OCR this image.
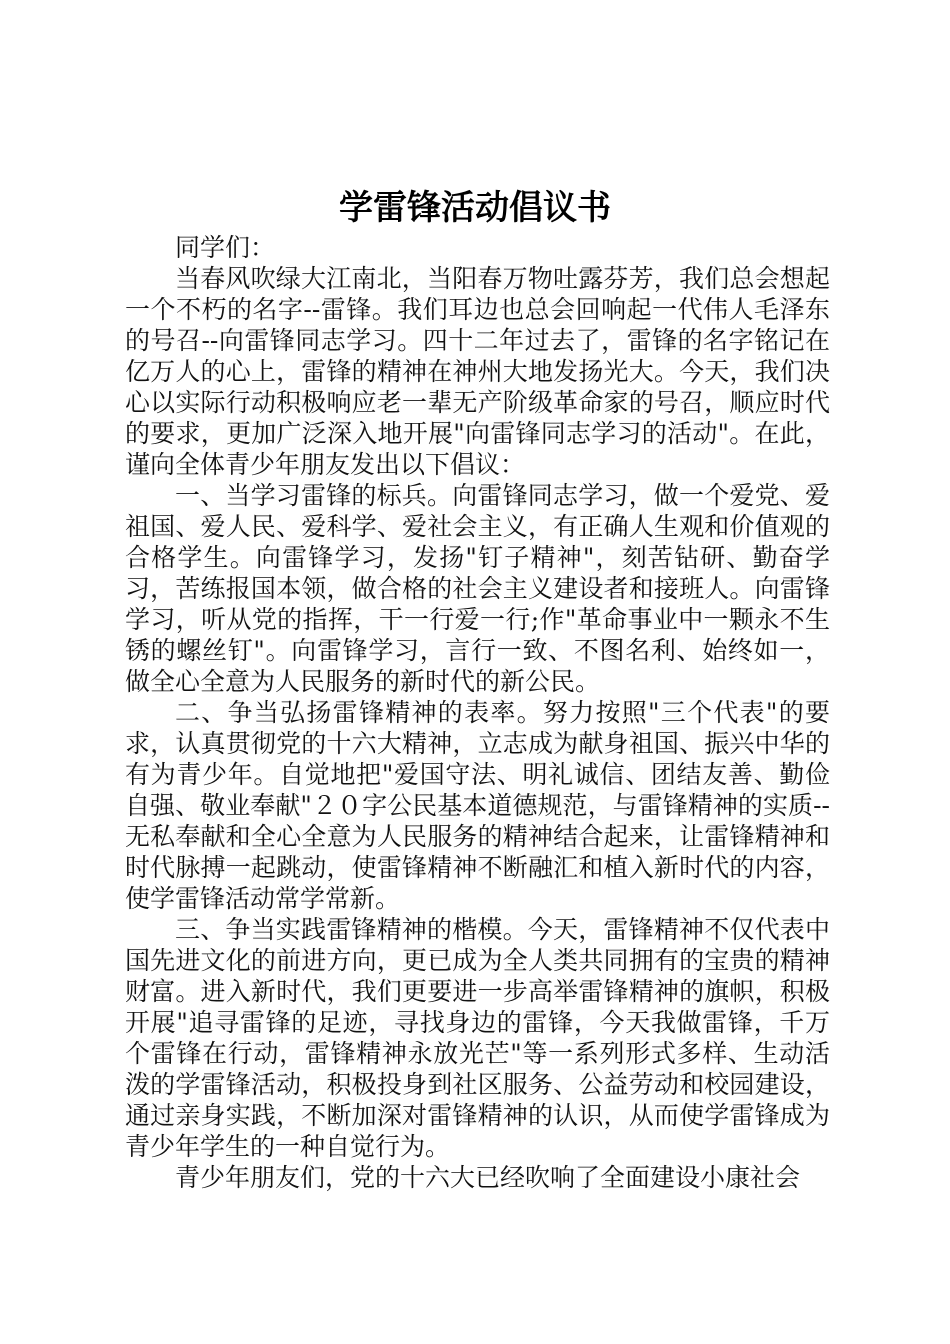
学雷锋活动倡议书

同学们：

当春风吹绿大江南北，当阳春万物吐露芬芳，我们总会想起一个不朽的名字--雷锋。我们耳边也总会回响起一代伟人毛泽东的号召--向雷锋同志学习。四十二年过去了，雷锋的名字铭记在亿万人的心上，雷锋的精神在神州大地发扬光大。今天，我们决心以实际行动积极响应老一辈无产阶级革命家的号召，顺应时代的要求，更加广泛深入地开展"向雷锋同志学习的活动"。在此，谨向全体青少年朋友发出以下倡议：

一、当学习雷锋的标兵。向雷锋同志学习，做一个爱党、爱祖国、爱人民、爱科学、爱社会主义，有正确人生观和价值观的合格学生。向雷锋学习，发扬"钉子精神"，刻苦钻研、勤奋学习，苦练报国本领，做合格的社会主义建设者和接班人。向雷锋学习，听从党的指挥，干一行爱一行;作"革命事业中一颗永不生锈的螺丝钉"。向雷锋学习，言行一致、不图名利、始终如一，做全心全意为人民服务的新时代的新公民。

二、争当弘扬雷锋精神的表率。努力按照"三个代表"的要求，认真贯彻党的十六大精神，立志成为献身祖国、振兴中华的有为青少年。自觉地把"爱国守法、明礼诚信、团结友善、勤俭自强、敬业奉献"２０字公民基本道德规范，与雷锋精神的实质--无私奉献和全心全意为人民服务的精神结合起来，让雷锋精神和时代脉搏一起跳动，使雷锋精神不断融汇和植入新时代的内容，使学雷锋活动常学常新。

三、争当实践雷锋精神的楷模。今天，雷锋精神不仅代表中国先进文化的前进方向，更已成为全人类共同拥有的宝贵的精神财富。进入新时代，我们更要进一步高举雷锋精神的旗帜，积极开展"追寻雷锋的足迹，寻找身边的雷锋，今天我做雷锋，千万个雷锋在行动，雷锋精神永放光芒"等一系列形式多样、生动活泼的学雷锋活动，积极投身到社区服务、公益劳动和校园建设，通过亲身实践，不断加深对雷锋精神的认识，从而使学雷锋成为青少年学生的一种自觉行为。

青少年朋友们，党的十六大已经吹响了全面建设小康社会
